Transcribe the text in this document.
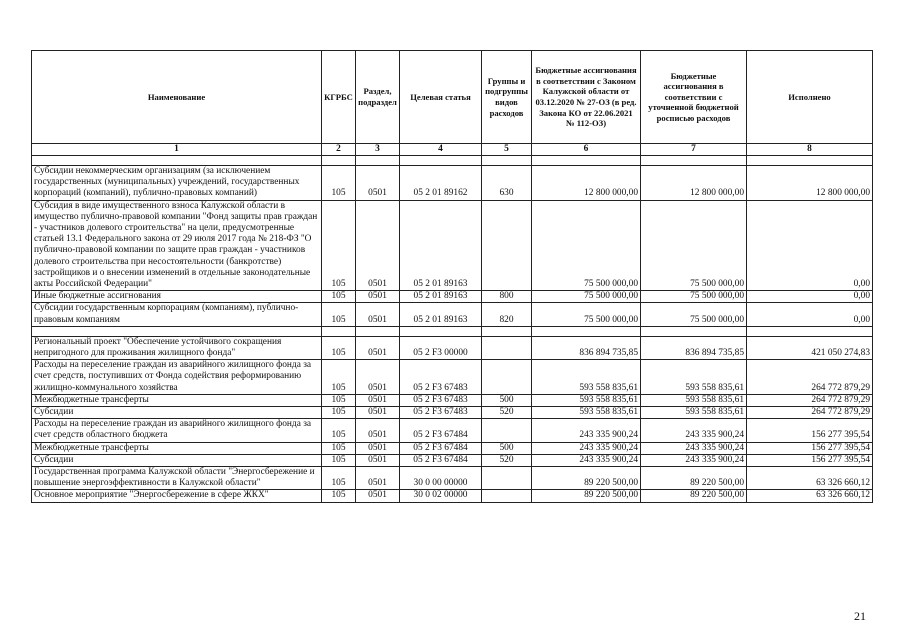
Наименование	КГРБС	Раздел, подраздел	Целевая статья	Группы и подгруппы видов расходов	Бюджетные ассигнования в соответствии с Законом Калужской области от 03.12.2020 № 27-ОЗ (в ред. Закона КО от 22.06.2021 № 112-ОЗ)	Бюджетные ассигнования в соответствии с уточненной бюджетной росписью расходов	Исполнено
1	2	3	4	5	6	7	8

Субсидии некоммерческим организациям (за исключением государственных (муниципальных) учреждений, государственных корпораций (компаний), публично-правовых компаний)	105	0501	05 2 01 89162	630	12 800 000,00	12 800 000,00	12 800 000,00
Субсидия в виде имущественного взноса Калужской области в имущество публично-правовой компании "Фонд защиты прав граждан - участников долевого строительства" на цели, предусмотренные статьей 13.1 Федерального закона от 29 июля 2017 года № 218-ФЗ "О публично-правовой компании по защите прав граждан - участников долевого строительства при несостоятельности (банкротстве) застройщиков и о внесении изменений в отдельные законодательные акты Российской Федерации"	105	0501	05 2 01 89163		75 500 000,00	75 500 000,00	0,00
Иные бюджетные ассигнования	105	0501	05 2 01 89163	800	75 500 000,00	75 500 000,00	0,00
Субсидии государственным корпорациям (компаниям), публично-правовым компаниям	105	0501	05 2 01 89163	820	75 500 000,00	75 500 000,00	0,00

Региональный проект "Обеспечение устойчивого сокращения непригодного для проживания жилищного фонда"	105	0501	05 2 F3 00000		836 894 735,85	836 894 735,85	421 050 274,83
Расходы на переселение граждан из аварийного жилищного фонда за счет средств, поступивших от Фонда содействия реформированию жилищно-коммунального хозяйства	105	0501	05 2 F3 67483		593 558 835,61	593 558 835,61	264 772 879,29
Межбюджетные трансферты	105	0501	05 2 F3 67483	500	593 558 835,61	593 558 835,61	264 772 879,29
Субсидии	105	0501	05 2 F3 67483	520	593 558 835,61	593 558 835,61	264 772 879,29
Расходы на переселение граждан из аварийного жилищного фонда за счет средств областного бюджета	105	0501	05 2 F3 67484		243 335 900,24	243 335 900,24	156 277 395,54
Межбюджетные трансферты	105	0501	05 2 F3 67484	500	243 335 900,24	243 335 900,24	156 277 395,54
Субсидии	105	0501	05 2 F3 67484	520	243 335 900,24	243 335 900,24	156 277 395,54
Государственная программа Калужской области "Энергосбережение и повышение энергоэффективности в Калужской области"	105	0501	30 0 00 00000		89 220 500,00	89 220 500,00	63 326 660,12
Основное мероприятие "Энергосбережение в сфере ЖКХ"	105	0501	30 0 02 00000		89 220 500,00	89 220 500,00	63 326 660,12
21
